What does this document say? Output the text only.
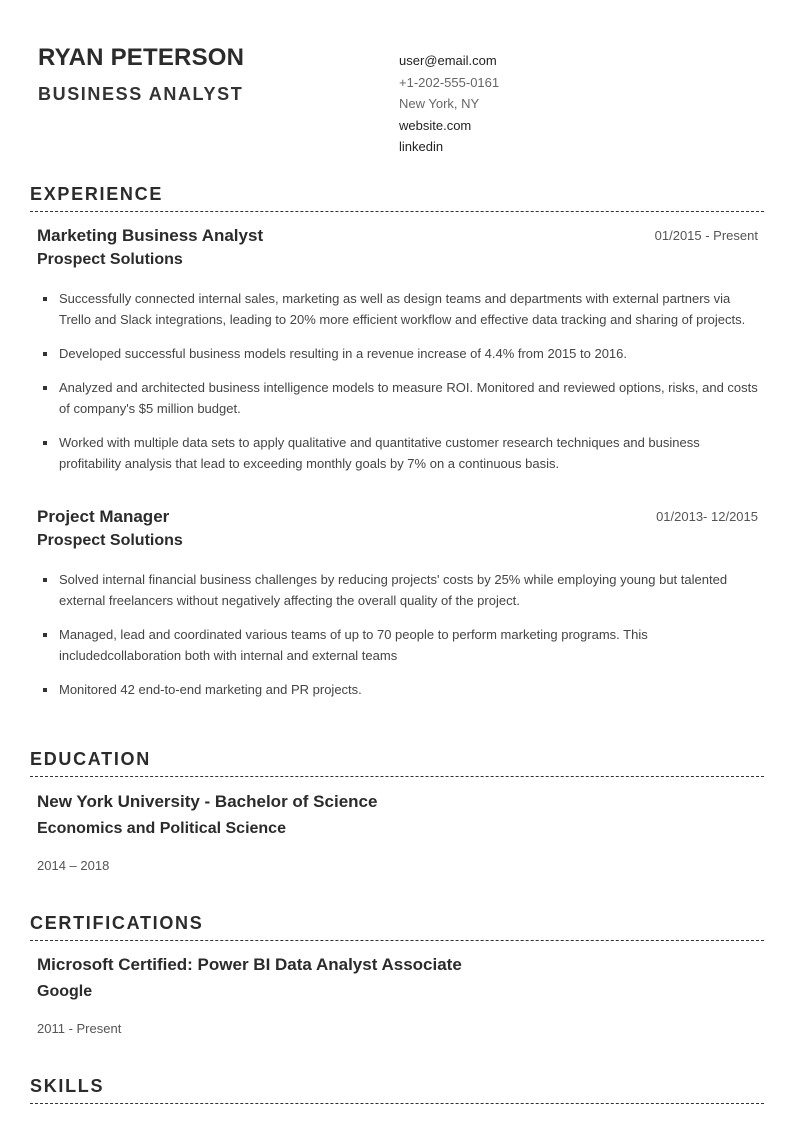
RYAN PETERSON
BUSINESS ANALYST
user@email.com
+1-202-555-0161
New York, NY
website.com
linkedin
EXPERIENCE
Marketing Business Analyst	01/2015 - Present
Prospect Solutions
Successfully connected internal sales, marketing as well as design teams and departments with external partners via Trello and Slack integrations, leading to 20% more efficient workflow and effective data tracking and sharing of projects.
Developed successful business models resulting in a revenue increase of 4.4% from 2015 to 2016.
Analyzed and architected business intelligence models to measure ROI. Monitored and reviewed options, risks, and costs of company's $5 million budget.
Worked with multiple data sets to apply qualitative and quantitative customer research techniques and business profitability analysis that lead to exceeding monthly goals by 7% on a continuous basis.
Project Manager	01/2013- 12/2015
Prospect Solutions
Solved internal financial business challenges by reducing projects' costs by 25% while employing young but talented external freelancers without negatively affecting the overall quality of the project.
Managed, lead and coordinated various teams of up to 70 people to perform marketing programs. This includedcollaboration both with internal and external teams
Monitored 42 end-to-end marketing and PR projects.
EDUCATION
New York University - Bachelor of Science
Economics and Political Science
2014 – 2018
CERTIFICATIONS
Microsoft Certified: Power BI Data Analyst Associate
Google
2011 - Present
SKILLS
